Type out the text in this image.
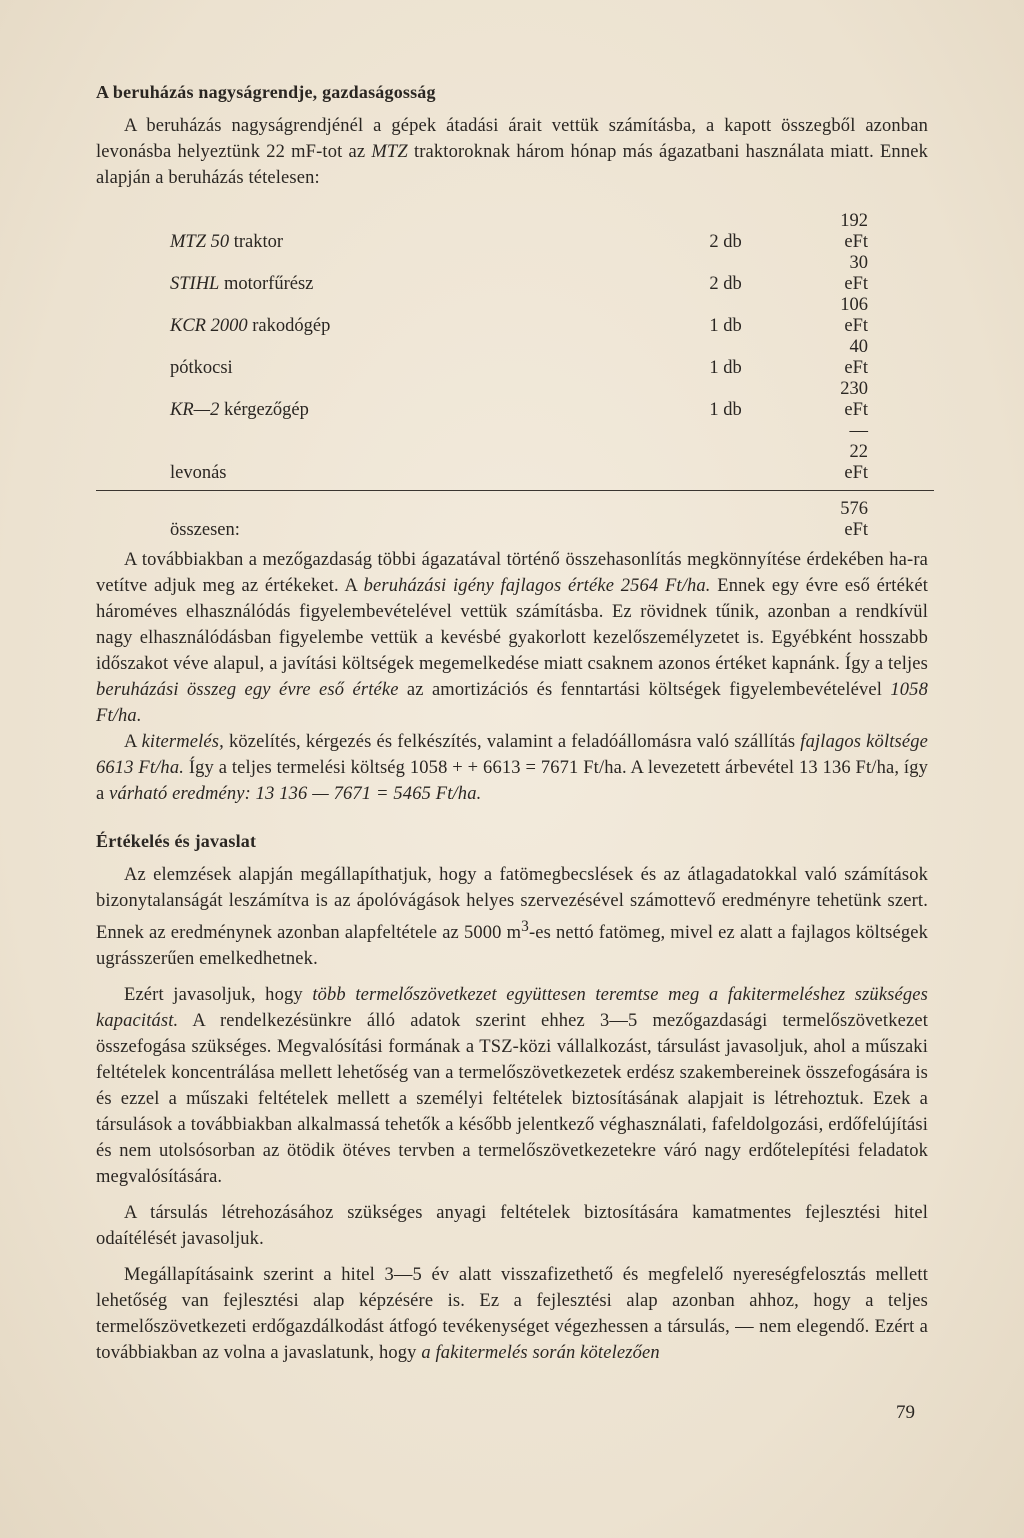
A beruházás nagyságrendje, gazdaságosság

A beruházás nagyságrendjénél a gépek átadási árait vettük számításba, a kapott összegből azonban levonásba helyeztünk 22 mF-tot az MTZ traktoroknak három hónap más ágazatbani használata miatt. Ennek alapján a beruházás tételesen:

MTZ 50 traktor	2 db	192 eFt
STIHL motorfűrész	2 db	30 eFt
KCR 2000 rakodógép	1 db	106 eFt
pótkocsi	1 db	40 eFt
KR—2 kérgezőgép	1 db	230 eFt
levonás		—22 eFt
összesen:		576 eFt

A továbbiakban a mezőgazdaság többi ágazatával történő összehasonlítás megkönnyítése érdekében ha-ra vetítve adjuk meg az értékeket. A beruházási igény fajlagos értéke 2564 Ft/ha. Ennek egy évre eső értékét hároméves elhasználódás figyelembevételével vettük számításba. Ez rövidnek tűnik, azonban a rendkívül nagy elhasználódásban figyelembe vettük a kevésbé gyakorlott kezelőszemélyzetet is. Egyébként hosszabb időszakot véve alapul, a javítási költségek megemelkedése miatt csaknem azonos értéket kapnánk. Így a teljes beruházási összeg egy évre eső értéke az amortizációs és fenntartási költségek figyelembevételével 1058 Ft/ha.

A kitermelés, közelítés, kérgezés és felkészítés, valamint a feladóállomásra való szállítás fajlagos költsége 6613 Ft/ha. Így a teljes termelési költség 1058 + + 6613 = 7671 Ft/ha. A levezetett árbevétel 13 136 Ft/ha, így a várható eredmény: 13 136 — 7671 = 5465 Ft/ha.

Értékelés és javaslat

Az elemzések alapján megállapíthatjuk, hogy a fatömegbecslések és az átlagadatokkal való számítások bizonytalanságát leszámítva is az ápolóvágások helyes szervezésével számottevő eredményre tehetünk szert. Ennek az eredménynek azonban alapfeltétele az 5000 $m^3-es$ nettó fatömeg, mivel ez alatt a fajlagos költségek ugrásszerűen emelkedhetnek.

Ezért javasoljuk, hogy több termelőszövetkezet együttesen teremtse meg a fakitermeléshez szükséges kapacitást. A rendelkezésünkre álló adatok szerint ehhez 3—5 mezőgazdasági termelőszövetkezet összefogása szükséges. Megvalósítási formának a TSZ-közi vállalkozást, társulást javasoljuk, ahol a műszaki feltételek koncentrálása mellett lehetőség van a termelőszövetkezetek erdész szakembereinek összefogására is és ezzel a műszaki feltételek mellett a személyi feltételek biztosításának alapjait is létrehoztuk. Ezek a társulások a továbbiakban alkalmassá tehetők a később jelentkező véghasználati, fafeldolgozási, erdőfelújítási és nem utolsósorban az ötödik ötéves tervben a termelőszövetkezetekre váró nagy erdőtelepítési feladatok megvalósítására.

A társulás létrehozásához szükséges anyagi feltételek biztosítására kamatmentes fejlesztési hitel odaítélését javasoljuk.

Megállapításaink szerint a hitel 3—5 év alatt visszafizethető és megfelelő nyereségfelosztás mellett lehetőség van fejlesztési alap képzésére is. Ez a fejlesztési alap azonban ahhoz, hogy a teljes termelőszövetkezeti erdőgazdálkodást átfogó tevékenységet végezhessen a társulás, — nem elegendő. Ezért a továbbiakban az volna a javaslatunk, hogy a fakitermelés során kötelezően

79
